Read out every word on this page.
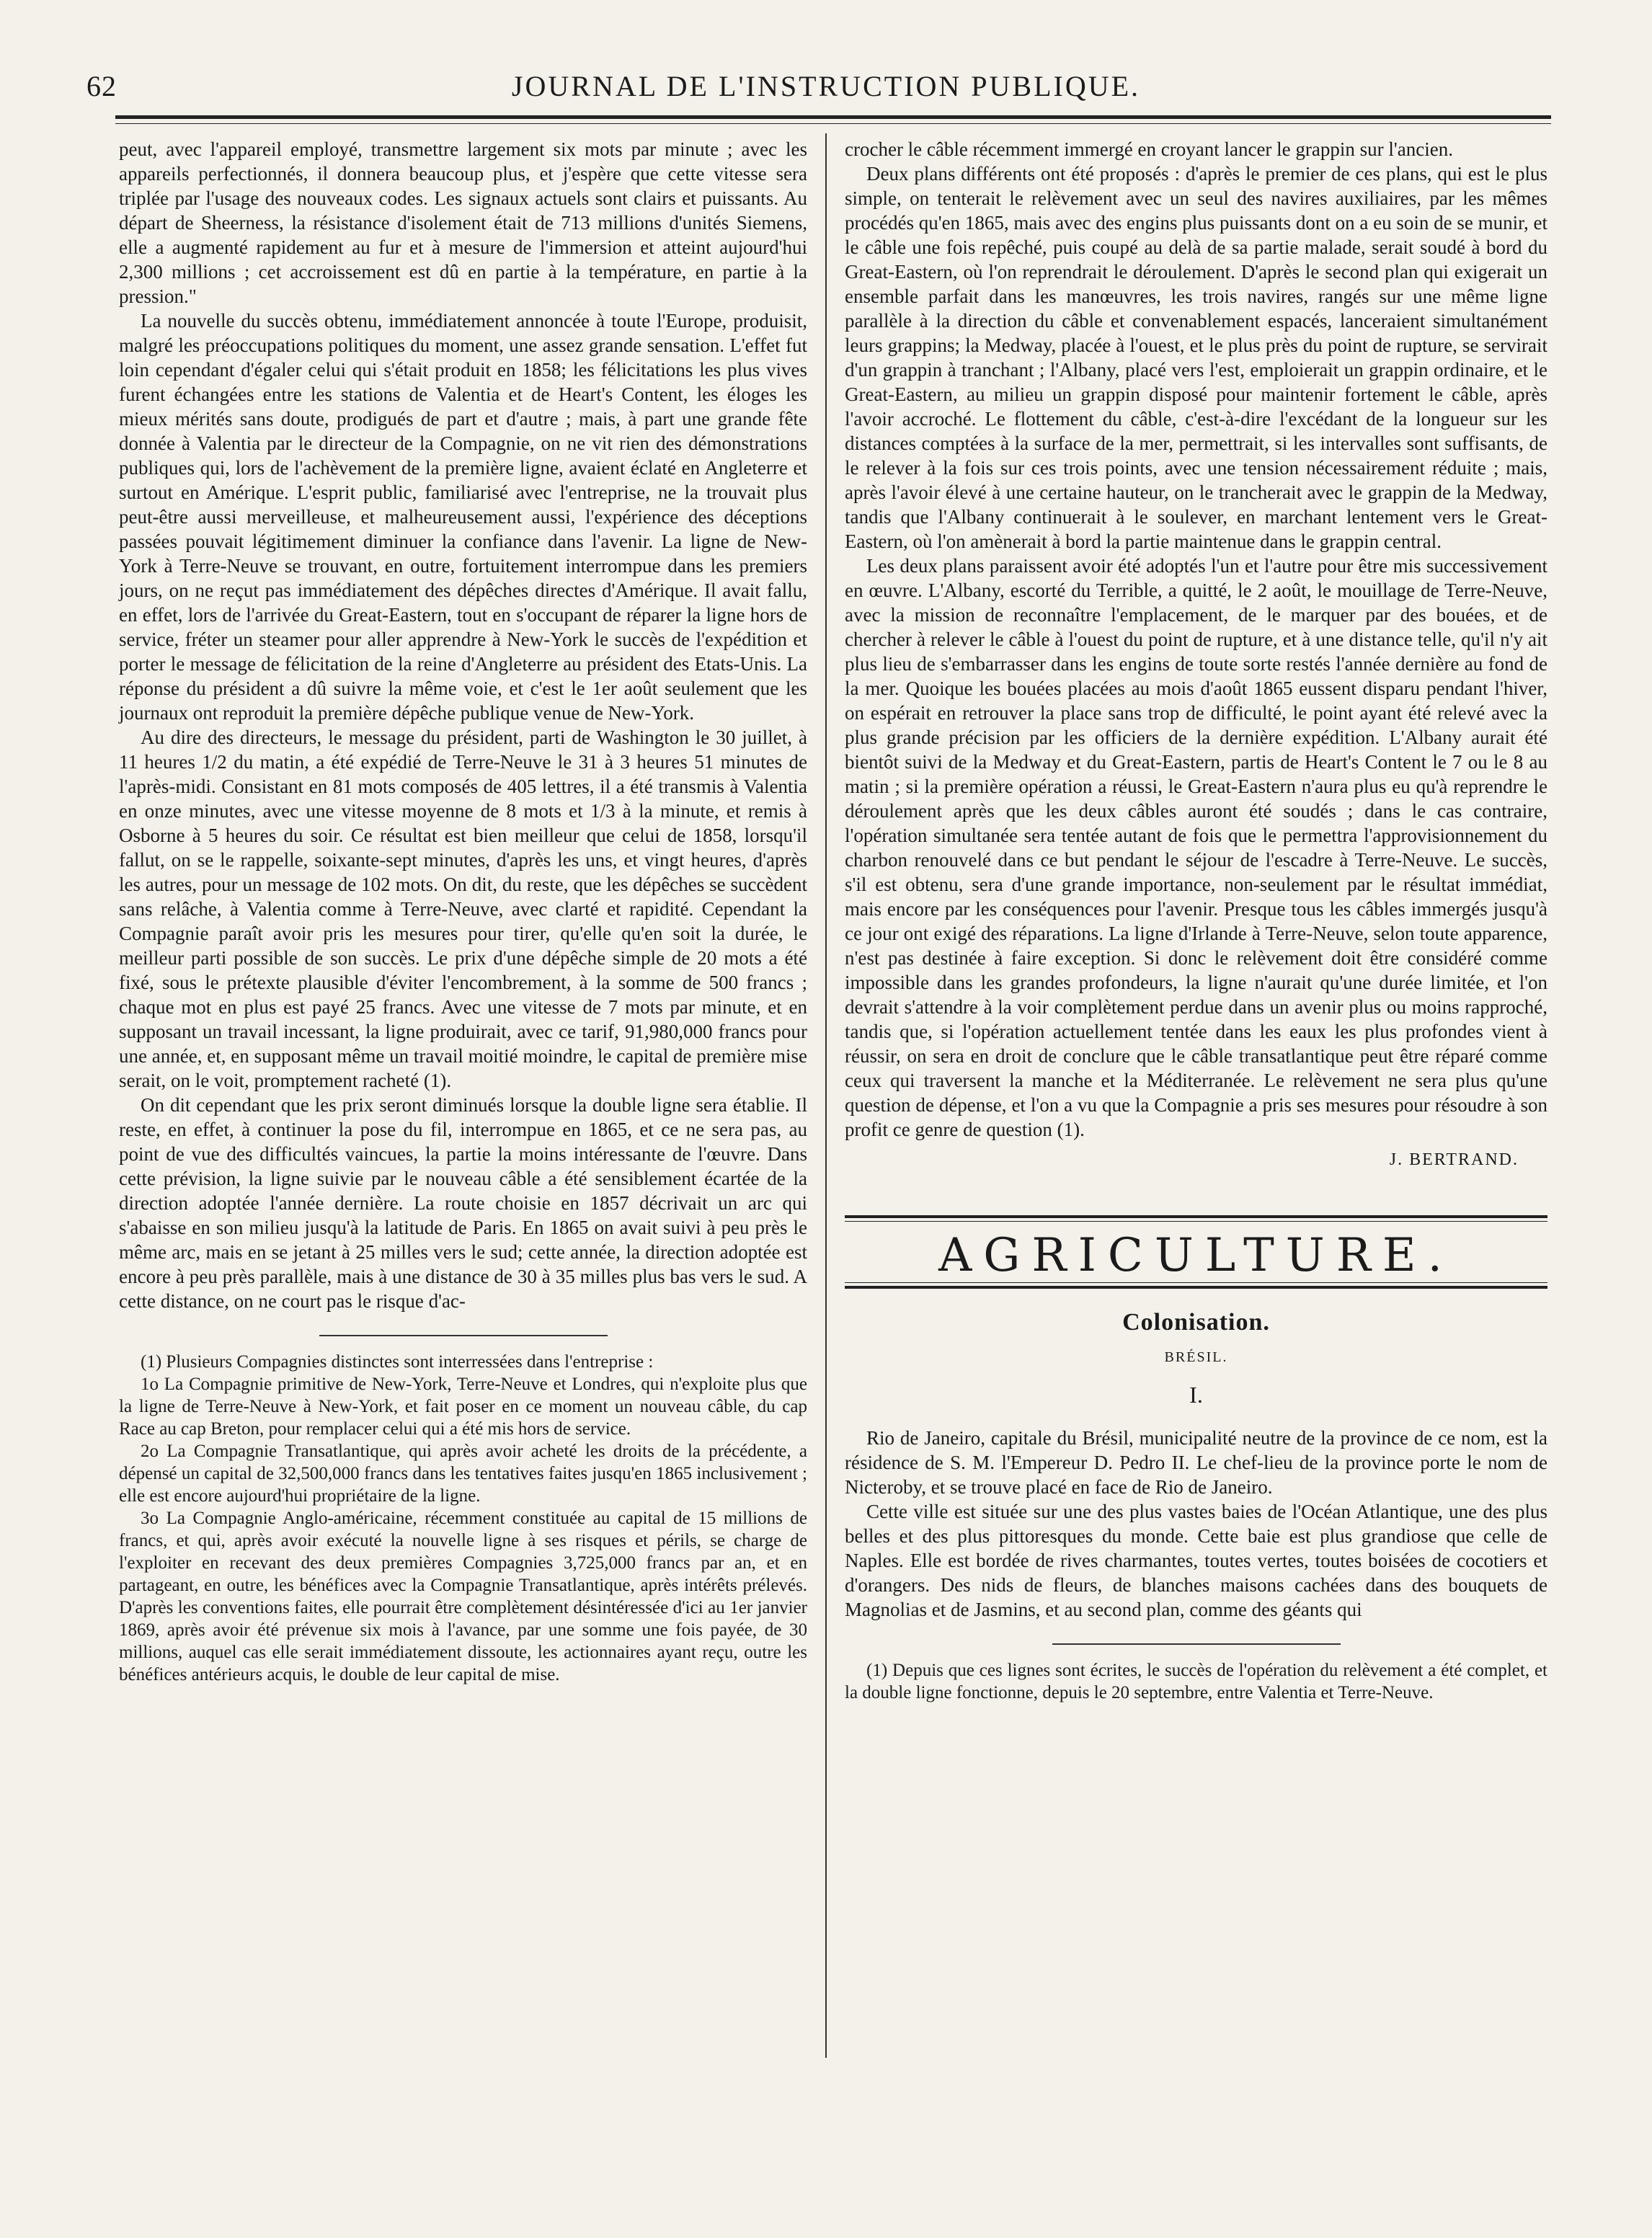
62	JOURNAL DE L'INSTRUCTION PUBLIQUE.

peut, avec l'appareil employé, transmettre largement six mots par minute ; avec les appareils perfectionnés, il donnera beaucoup plus, et j'espère que cette vitesse sera triplée par l'usage des nouveaux codes. Les signaux actuels sont clairs et puissants. Au départ de Sheerness, la résistance d'isolement était de 713 millions d'unités Siemens, elle a augmenté rapidement au fur et à mesure de l'immersion et atteint aujourd'hui 2,300 millions ; cet accroissement est dû en partie à la température, en partie à la pression."

La nouvelle du succès obtenu, immédiatement annoncée à toute l'Europe, produisit, malgré les préoccupations politiques du moment, une assez grande sensation. L'effet fut loin cependant d'égaler celui qui s'était produit en 1858; les félicitations les plus vives furent échangées entre les stations de Valentia et de Heart's Content, les éloges les mieux mérités sans doute, prodigués de part et d'autre ; mais, à part une grande fête donnée à Valentia par le directeur de la Compagnie, on ne vit rien des démonstrations publiques qui, lors de l'achèvement de la première ligne, avaient éclaté en Angleterre et surtout en Amérique. L'esprit public, familiarisé avec l'entreprise, ne la trouvait plus peut-être aussi merveilleuse, et malheureusement aussi, l'expérience des déceptions passées pouvait légitimement diminuer la confiance dans l'avenir. La ligne de New-York à Terre-Neuve se trouvant, en outre, fortuitement interrompue dans les premiers jours, on ne reçut pas immédiatement des dépêches directes d'Amérique. Il avait fallu, en effet, lors de l'arrivée du Great-Eastern, tout en s'occupant de réparer la ligne hors de service, fréter un steamer pour aller apprendre à New-York le succès de l'expédition et porter le message de félicitation de la reine d'Angleterre au président des Etats-Unis. La réponse du président a dû suivre la même voie, et c'est le 1er août seulement que les journaux ont reproduit la première dépêche publique venue de New-York.

Au dire des directeurs, le message du président, parti de Washington le 30 juillet, à 11 heures 1/2 du matin, a été expédié de Terre-Neuve le 31 à 3 heures 51 minutes de l'après-midi. Consistant en 81 mots composés de 405 lettres, il a été transmis à Valentia en onze minutes, avec une vitesse moyenne de 8 mots et 1/3 à la minute, et remis à Osborne à 5 heures du soir. Ce résultat est bien meilleur que celui de 1858, lorsqu'il fallut, on se le rappelle, soixante-sept minutes, d'après les uns, et vingt heures, d'après les autres, pour un message de 102 mots. On dit, du reste, que les dépêches se succèdent sans relâche, à Valentia comme à Terre-Neuve, avec clarté et rapidité. Cependant la Compagnie paraît avoir pris les mesures pour tirer, qu'elle qu'en soit la durée, le meilleur parti possible de son succès. Le prix d'une dépêche simple de 20 mots a été fixé, sous le prétexte plausible d'éviter l'encombrement, à la somme de 500 francs ; chaque mot en plus est payé 25 francs. Avec une vitesse de 7 mots par minute, et en supposant un travail incessant, la ligne produirait, avec ce tarif, 91,980,000 francs pour une année, et, en supposant même un travail moitié moindre, le capital de première mise serait, on le voit, promptement racheté (1).

On dit cependant que les prix seront diminués lorsque la double ligne sera établie. Il reste, en effet, à continuer la pose du fil, interrompue en 1865, et ce ne sera pas, au point de vue des difficultés vaincues, la partie la moins intéressante de l'œuvre. Dans cette prévision, la ligne suivie par le nouveau câble a été sensiblement écartée de la direction adoptée l'année dernière. La route choisie en 1857 décrivait un arc qui s'abaisse en son milieu jusqu'à la latitude de Paris. En 1865 on avait suivi à peu près le même arc, mais en se jetant à 25 milles vers le sud; cette année, la direction adoptée est encore à peu près parallèle, mais à une distance de 30 à 35 milles plus bas vers le sud. A cette distance, on ne court pas le risque d'ac-

(1) Plusieurs Compagnies distinctes sont interressées dans l'entreprise :

1o La Compagnie primitive de New-York, Terre-Neuve et Londres, qui n'exploite plus que la ligne de Terre-Neuve à New-York, et fait poser en ce moment un nouveau câble, du cap Race au cap Breton, pour remplacer celui qui a été mis hors de service.

2o La Compagnie Transatlantique, qui après avoir acheté les droits de la précédente, a dépensé un capital de 32,500,000 francs dans les tentatives faites jusqu'en 1865 inclusivement ; elle est encore aujourd'hui propriétaire de la ligne.

3o La Compagnie Anglo-américaine, récemment constituée au capital de 15 millions de francs, et qui, après avoir exécuté la nouvelle ligne à ses risques et périls, se charge de l'exploiter en recevant des deux premières Compagnies 3,725,000 francs par an, et en partageant, en outre, les bénéfices avec la Compagnie Transatlantique, après intérêts prélevés. D'après les conventions faites, elle pourrait être complètement désintéressée d'ici au 1er janvier 1869, après avoir été prévenue six mois à l'avance, par une somme une fois payée, de 30 millions, auquel cas elle serait immédiatement dissoute, les actionnaires ayant reçu, outre les bénéfices antérieurs acquis, le double de leur capital de mise.

crocher le câble récemment immergé en croyant lancer le grappin sur l'ancien.

Deux plans différents ont été proposés : d'après le premier de ces plans, qui est le plus simple, on tenterait le relèvement avec un seul des navires auxiliaires, par les mêmes procédés qu'en 1865, mais avec des engins plus puissants dont on a eu soin de se munir, et le câble une fois repêché, puis coupé au delà de sa partie malade, serait soudé à bord du Great-Eastern, où l'on reprendrait le déroulement. D'après le second plan qui exigerait un ensemble parfait dans les manœuvres, les trois navires, rangés sur une même ligne parallèle à la direction du câble et convenablement espacés, lanceraient simultanément leurs grappins; la Medway, placée à l'ouest, et le plus près du point de rupture, se servirait d'un grappin à tranchant ; l'Albany, placé vers l'est, emploierait un grappin ordinaire, et le Great-Eastern, au milieu un grappin disposé pour maintenir fortement le câble, après l'avoir accroché. Le flottement du câble, c'est-à-dire l'excédant de la longueur sur les distances comptées à la surface de la mer, permettrait, si les intervalles sont suffisants, de le relever à la fois sur ces trois points, avec une tension nécessairement réduite ; mais, après l'avoir élevé à une certaine hauteur, on le trancherait avec le grappin de la Medway, tandis que l'Albany continuerait à le soulever, en marchant lentement vers le Great-Eastern, où l'on amènerait à bord la partie maintenue dans le grappin central.

Les deux plans paraissent avoir été adoptés l'un et l'autre pour être mis successivement en œuvre. L'Albany, escorté du Terrible, a quitté, le 2 août, le mouillage de Terre-Neuve, avec la mission de reconnaître l'emplacement, de le marquer par des bouées, et de chercher à relever le câble à l'ouest du point de rupture, et à une distance telle, qu'il n'y ait plus lieu de s'embarrasser dans les engins de toute sorte restés l'année dernière au fond de la mer. Quoique les bouées placées au mois d'août 1865 eussent disparu pendant l'hiver, on espérait en retrouver la place sans trop de difficulté, le point ayant été relevé avec la plus grande précision par les officiers de la dernière expédition. L'Albany aurait été bientôt suivi de la Medway et du Great-Eastern, partis de Heart's Content le 7 ou le 8 au matin ; si la première opération a réussi, le Great-Eastern n'aura plus eu qu'à reprendre le déroulement après que les deux câbles auront été soudés ; dans le cas contraire, l'opération simultanée sera tentée autant de fois que le permettra l'approvisionnement du charbon renouvelé dans ce but pendant le séjour de l'escadre à Terre-Neuve. Le succès, s'il est obtenu, sera d'une grande importance, non-seulement par le résultat immédiat, mais encore par les conséquences pour l'avenir. Presque tous les câbles immergés jusqu'à ce jour ont exigé des réparations. La ligne d'Irlande à Terre-Neuve, selon toute apparence, n'est pas destinée à faire exception. Si donc le relèvement doit être considéré comme impossible dans les grandes profondeurs, la ligne n'aurait qu'une durée limitée, et l'on devrait s'attendre à la voir complètement perdue dans un avenir plus ou moins rapproché, tandis que, si l'opération actuellement tentée dans les eaux les plus profondes vient à réussir, on sera en droit de conclure que le câble transatlantique peut être réparé comme ceux qui traversent la manche et la Méditerranée. Le relèvement ne sera plus qu'une question de dépense, et l'on a vu que la Compagnie a pris ses mesures pour résoudre à son profit ce genre de question (1).

J. BERTRAND.
AGRICULTURE.
Colonisation.
BRÉSIL.
I.

Rio de Janeiro, capitale du Brésil, municipalité neutre de la province de ce nom, est la résidence de S. M. l'Empereur D. Pedro II. Le chef-lieu de la province porte le nom de Nicteroby, et se trouve placé en face de Rio de Janeiro.

Cette ville est située sur une des plus vastes baies de l'Océan Atlantique, une des plus belles et des plus pittoresques du monde. Cette baie est plus grandiose que celle de Naples. Elle est bordée de rives charmantes, toutes vertes, toutes boisées de cocotiers et d'orangers. Des nids de fleurs, de blanches maisons cachées dans des bouquets de Magnolias et de Jasmins, et au second plan, comme des géants qui

(1) Depuis que ces lignes sont écrites, le succès de l'opération du relèvement a été complet, et la double ligne fonctionne, depuis le 20 septembre, entre Valentia et Terre-Neuve.
